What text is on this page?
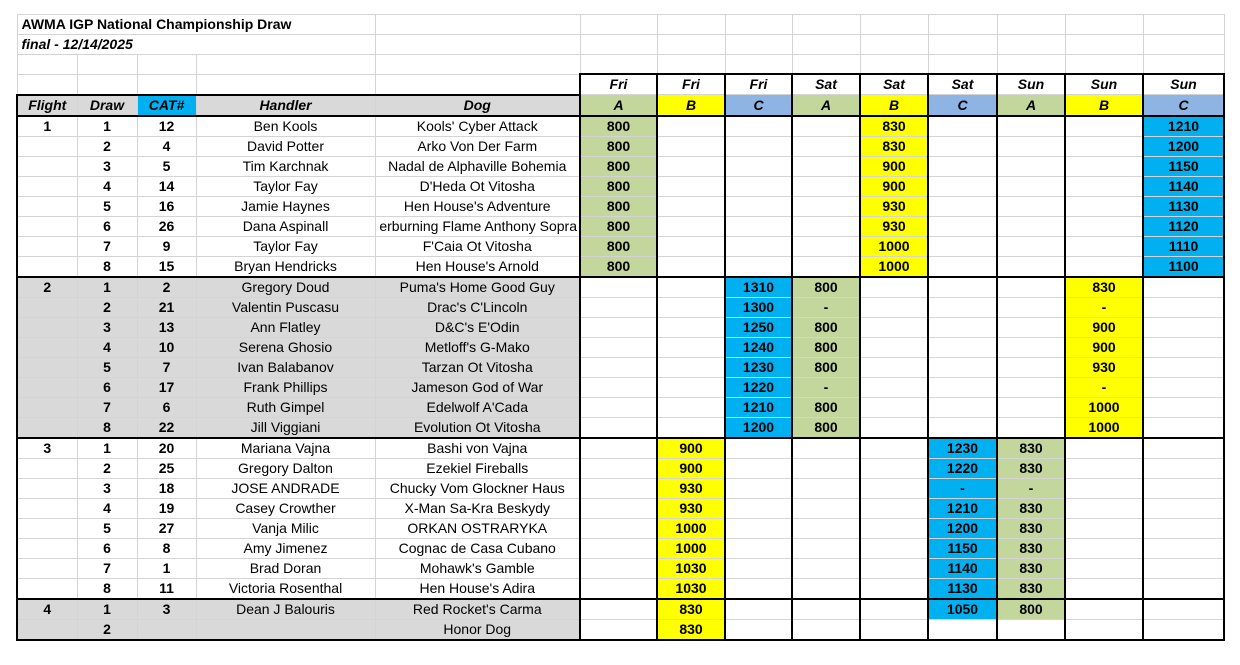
AWMA IGP National Championship Draw													
final - 12/14/2025													

					Fri	Fri	Fri	Sat	Sat	Sat	Sun	Sun	Sun
Flight	Draw	CAT#	Handler	Dog	A	B	C	A	B	C	A	B	C
1	1	12	Ben Kools	Kools' Cyber Attack	800				830				1210
	2	4	David Potter	Arko Von Der Farm	800				830				1200
	3	5	Tim Karchnak	Nadal de Alphaville Bohemia	800				900				1150
	4	14	Taylor Fay	D'Heda Ot Vitosha	800				900				1140
	5	16	Jamie Haynes	Hen House's Adventure	800				930				1130
	6	26	Dana Aspinall	erburning Flame Anthony Sopra	800				930				1120
	7	9	Taylor Fay	F'Caia Ot Vitosha	800				1000				1110
	8	15	Bryan Hendricks	Hen House's Arnold	800				1000				1100
2	1	2	Gregory Doud	Puma's Home Good Guy			1310	800				830	
	2	21	Valentin Puscasu	Drac's C'Lincoln			1300	-				-	
	3	13	Ann Flatley	D&C's E'Odin			1250	800				900	
	4	10	Serena Ghosio	Metloff's G-Mako			1240	800				900	
	5	7	Ivan Balabanov	Tarzan Ot Vitosha			1230	800				930	
	6	17	Frank Phillips	Jameson God of War			1220	-				-	
	7	6	Ruth Gimpel	Edelwolf A'Cada			1210	800				1000	
	8	22	Jill Viggiani	Evolution Ot Vitosha			1200	800				1000	
3	1	20	Mariana Vajna	Bashi von Vajna		900				1230	830		
	2	25	Gregory Dalton	Ezekiel Fireballs		900				1220	830		
	3	18	JOSE ANDRADE	Chucky Vom Glockner Haus		930				-	-		
	4	19	Casey Crowther	X-Man Sa-Kra Beskydy		930				1210	830		
	5	27	Vanja Milic	ORKAN OSTRARYKA		1000				1200	830		
	6	8	Amy Jimenez	Cognac de Casa Cubano		1000				1150	830		
	7	1	Brad Doran	Mohawk's Gamble		1030				1140	830		
	8	11	Victoria Rosenthal	Hen House's Adira		1030				1130	830		
4	1	3	Dean J Balouris	Red Rocket's Carma		830				1050	800		
	2			Honor Dog		830							
